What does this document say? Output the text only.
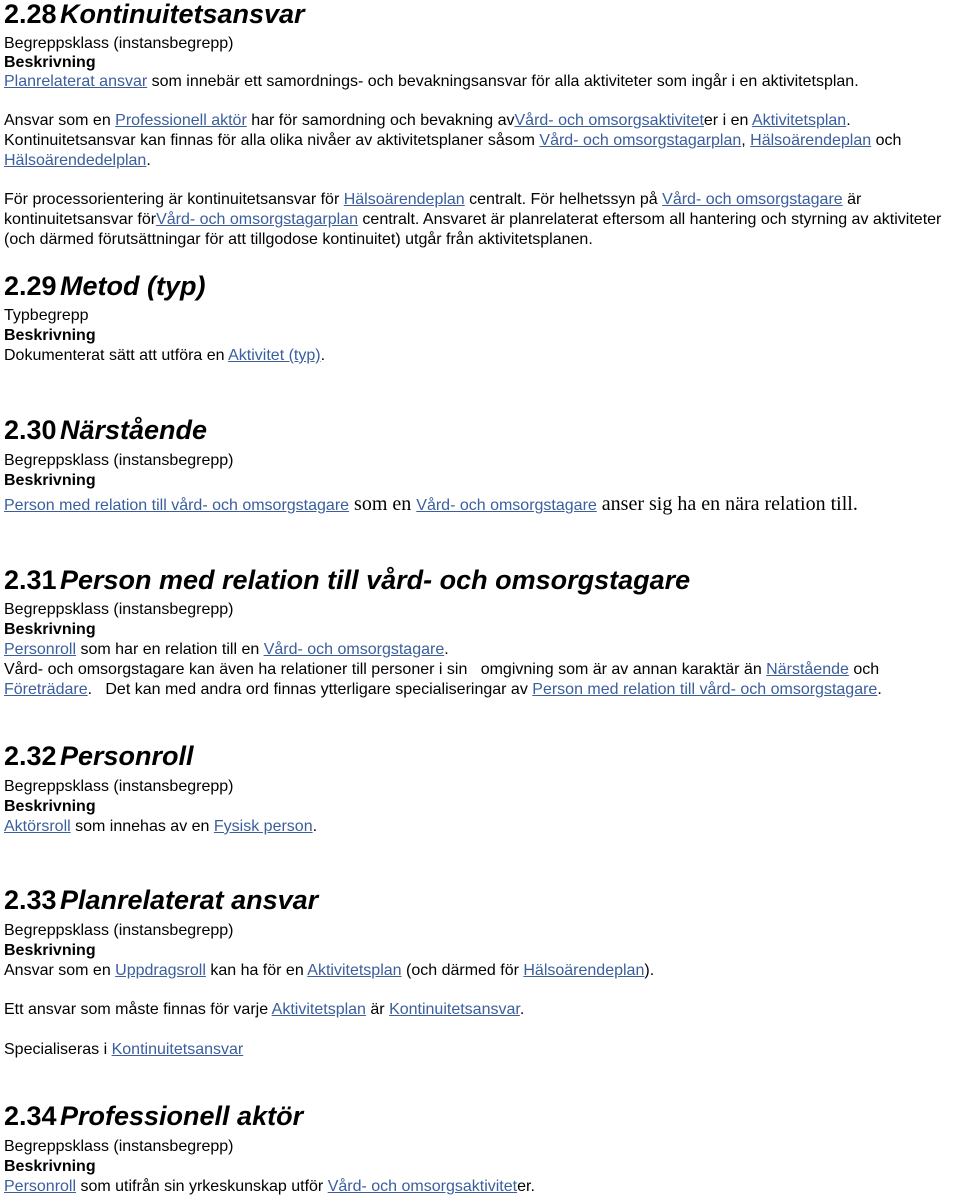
2.28 Kontinuitetsansvar
Begreppsklass (instansbegrepp)
Beskrivning
Planrelaterat ansvar som innebär ett samordnings- och bevakningsansvar för alla aktiviteter som ingår i en aktivitetsplan.
Ansvar som en Professionell aktör har för samordning och bevakning avVård- och omsorgsaktiviteter i en Aktivitetsplan.
Kontinuitetsansvar kan finnas för alla olika nivåer av aktivitetsplaner såsom Vård- och omsorgstagarplan, Hälsoärendeplan och Hälsoärendedelplan.
För processorientering är kontinuitetsansvar för Hälsoärendeplan centralt. För helhetssyn på Vård- och omsorgstagare är kontinuitetsansvar förVård- och omsorgstagarplan centralt. Ansvaret är planrelaterat eftersom all hantering och styrning av aktiviteter (och därmed förutsättningar för att tillgodose kontinuitet) utgår från aktivitetsplanen.
2.29 Metod (typ)
Typbegrepp
Beskrivning
Dokumenterat sätt att utföra en Aktivitet (typ).
2.30 Närstående
Begreppsklass (instansbegrepp)
Beskrivning
Person med relation till vård- och omsorgstagare som en Vård- och omsorgstagare anser sig ha en nära relation till.
2.31 Person med relation till vård- och omsorgstagare
Begreppsklass (instansbegrepp)
Beskrivning
Personroll som har en relation till en Vård- och omsorgstagare.
Vård- och omsorgstagare kan även ha relationer till personer i sin   omgivning som är av annan karaktär än Närstående och Företrädare.   Det kan med andra ord finnas ytterligare specialiseringar av Person med relation till vård- och omsorgstagare.
2.32 Personroll
Begreppsklass (instansbegrepp)
Beskrivning
Aktörsroll som innehas av en Fysisk person.
2.33 Planrelaterat ansvar
Begreppsklass (instansbegrepp)
Beskrivning
Ansvar som en Uppdragsroll kan ha för en Aktivitetsplan (och därmed för Hälsoärendeplan).
Ett ansvar som måste finnas för varje Aktivitetsplan är Kontinuitetsansvar.
Specialiseras i Kontinuitetsansvar
2.34 Professionell aktör
Begreppsklass (instansbegrepp)
Beskrivning
Personroll som utifrån sin yrkeskunskap utför Vård- och omsorgsaktiviteter.
